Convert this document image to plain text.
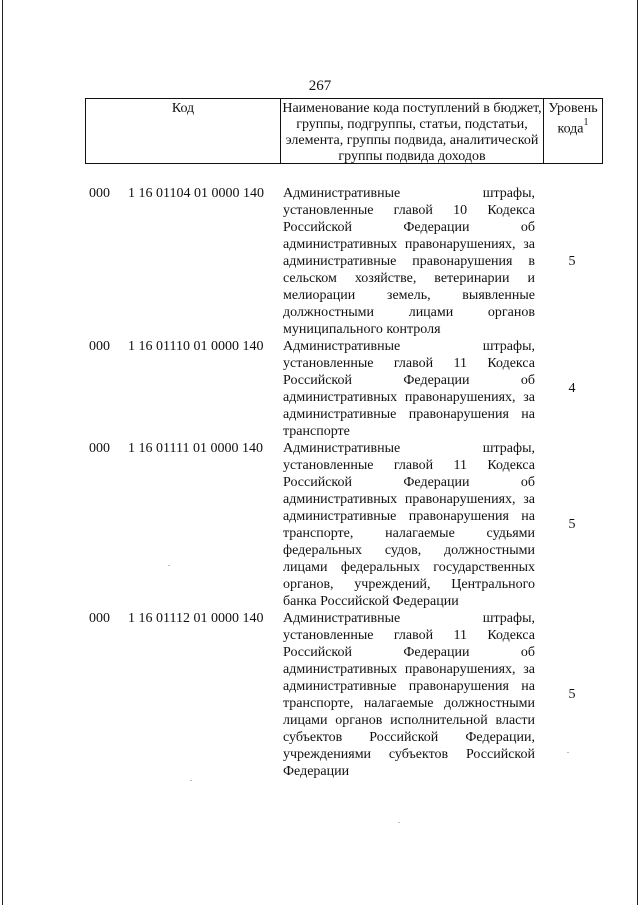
267
Код	Наименование кода поступлений в бюджет, группы, подгруппы, статьи, подстатьи, элемента, группы подвида, аналитической группы подвида доходов
Уровень кода$^1$
000 1 16 01104 01 0000 140 Административные штрафы,
установленные главой 10 Кодекса
Российской Федерации об
административных правонарушениях, за
административные правонарушения в
сельском хозяйстве, ветеринарии и
мелиорации земель, выявленные
должностными лицами органов
муниципального контроля
5
000 1 16 01110 01 0000 140 Административные штрафы,
установленные главой 11 Кодекса
Российской Федерации об
административных правонарушениях, за
административные правонарушения на
транспорте
4
000 1 16 01111 01 0000 140 Административные штрафы,
установленные главой 11 Кодекса
Российской Федерации об
административных правонарушениях, за
административные правонарушения на
транспорте, налагаемые судьями
федеральных судов, должностными
лицами федеральных государственных
органов, учреждений, Центрального
банка Российской Федерации
5
000 1 16 01112 01 0000 140 Административные штрафы,
установленные главой 11 Кодекса
Российской Федерации об
административных правонарушениях, за
административные правонарушения на
транспорте, налагаемые должностными
лицами органов исполнительной власти
субъектов Российской Федерации,
учреждениями субъектов Российской
Федерации
5
